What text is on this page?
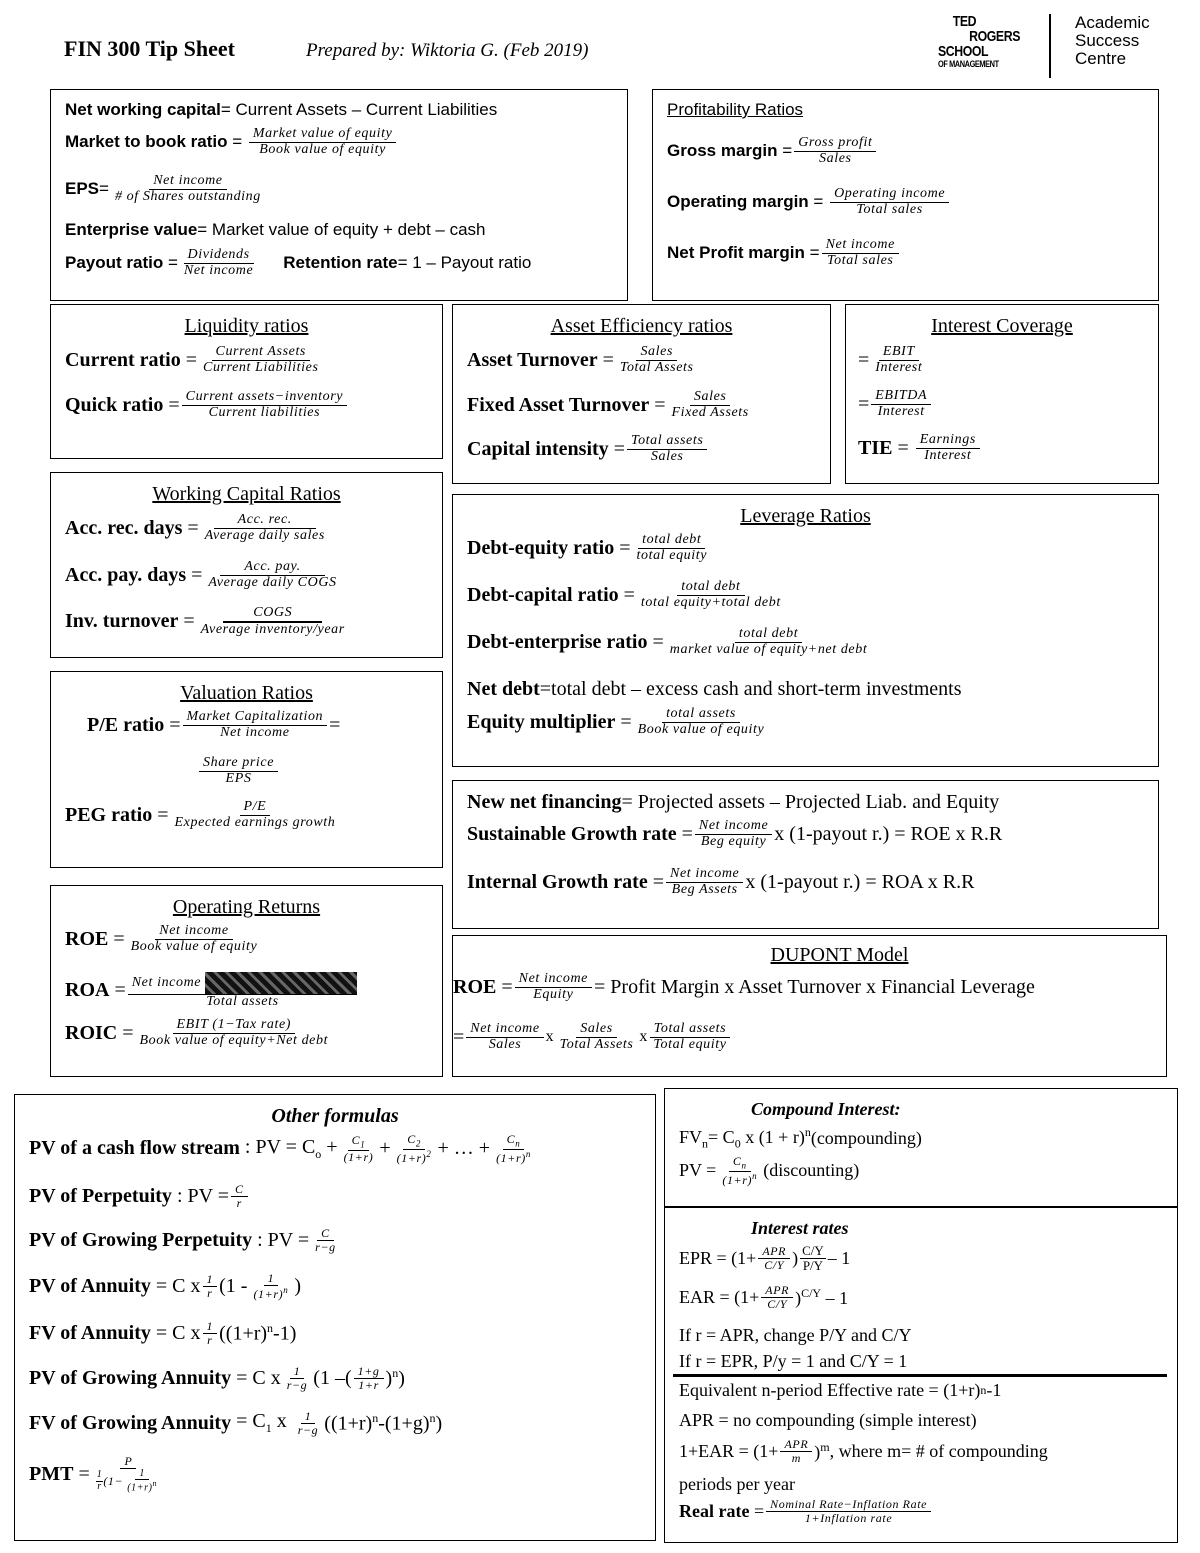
FIN 300 Tip Sheet	Prepared by: Wiktoria G. (Feb 2019)
TED
ROGERS
SCHOOL
OF MANAGEMENT
Academic
Success
Centre
Net working capital = Current Assets – Current Liabilities
Market to book ratio = $\frac{\text{Market value of equity}}{\text{Book value of equity}}$
EPS = $\frac{\text{Net income}}{\text{\# of Shares outstanding}}$
Enterprise value = Market value of equity + debt – cash
Payout ratio = $\frac{\text{Dividends}}{\text{Net income}}$ Retention rate = 1 – Payout ratio
Profitability Ratios
Gross margin = $\frac{\text{Gross profit}}{\text{Sales}}$
Operating margin = $\frac{\text{Operating income}}{\text{Total sales}}$
Net Profit margin = $\frac{\text{Net income}}{\text{Total sales}}$
Liquidity ratios
Current ratio = $\frac{\text{Current Assets}}{\text{Current Liabilities}}$
Quick ratio = $\frac{\text{Current assets−inventory}}{\text{Current liabilities}}$
Asset Efficiency ratios
Asset Turnover = $\frac{\text{Sales}}{\text{Total Assets}}$
Fixed Asset Turnover = $\frac{\text{Sales}}{\text{Fixed Assets}}$
Capital intensity = $\frac{\text{Total assets}}{\text{Sales}}$
Interest Coverage
= $\frac{\text{EBIT}}{\text{Interest}}$
= $\frac{\text{EBITDA}}{\text{Interest}}$
TIE = $\frac{\text{Earnings}}{\text{Interest}}$
Working Capital Ratios
Acc. rec. days = $\frac{\text{Acc. rec.}}{\text{Average daily sales}}$
Acc. pay. days = $\frac{\text{Acc. pay.}}{\text{Average daily COGS}}$
Inv. turnover = $\frac{\text{COGS}}{\text{Average inventory/year}}$
Leverage Ratios
Debt-equity ratio = $\frac{\text{total debt}}{\text{total equity}}$
Debt-capital ratio = $\frac{\text{total debt}}{\text{total equity+total debt}}$
Debt-enterprise ratio = $\frac{\text{total debt}}{\text{market value of equity+net debt}}$
Net debt =total debt – excess cash and short-term investments
Equity multiplier = $\frac{\text{total assets}}{\text{Book value of equity}}$
Valuation Ratios
P/E ratio = $\frac{\text{Market Capitalization}}{\text{Net income}}$ =
$\frac{\text{Share price}}{\text{EPS}}$
PEG ratio = $\frac{P/E}{\text{Expected earnings growth}}$	New net financing = Projected assets – Projected Liab. and Equity
Sustainable Growth rate = $\frac{\text{Net income}}{\text{Beg equity}}$ x (1-payout r.) = ROE x R.R
Internal Growth rate = $\frac{\text{Net income}}{\text{Beg Assets}}$ x (1-payout r.) = ROA x R.R
Operating Returns
ROE = $\frac{\text{Net income}}{\text{Book value of equity}}$
ROA = $\frac{\text{Net income}}{\text{Total assets}}$
ROIC = $\frac{\text{EBIT (1−Tax rate)}}{\text{Book value of equity+Net debt}}$
DUPONT Model
ROE = $\frac{\text{Net income}}{\text{Equity}}$ = Profit Margin x Asset Turnover x Financial Leverage
= $\frac{\text{Net income}}{\text{Sales}}$ x $\frac{\text{Sales}}{\text{Total Assets}}$ x $\frac{\text{Total assets}}{\text{Total equity}}$
Other formulas
PV of a cash flow stream : PV = $C_o + \frac{C_1}{(1+r)} + \frac{C_2}{(1+r)^2}$ + … + $\frac{C_n}{(1+r)^n}$
PV of Perpetuity : PV = $\frac{C}{r}$
PV of Growing Perpetuity : PV = $\frac{C}{r-g}$
PV of Annuity = C x $\frac{1}{r} (1 - \frac{1}{(1+r)^n}$ )
FV of Annuity = C x $\frac{1}{r} ((1+r)^n-1)$
PV of Growing Annuity = C x $\frac{1}{r-g} (1$ –( $\frac{1+g}{1+r} )^n$)
FV of Growing Annuity = $C_1$ x $\frac{1}{r-g} ((1+r)^n-(1+g)^n)$
PMT = $\frac{P}{\frac{1}{r} (1- \frac{1}{(1+r)^n}}$
Compound Interest:
$FV_n= C_0$ x $(1 + r)^n$ (compounding)
PV = $\frac{C_n}{(1+r)^n}$ (discounting)
Interest rates
EPR = ($1+ \frac{\text{APR}}{C/Y}$ ) $\frac{C/Y}{P/Y} - 1$
EAR = $(1+ \frac{\text{APR}}{C/Y} )^{C/Y} - 1$
If r = APR, change P/Y and C/Y
If r = EPR, P/y = 1 and C/Y = 1
Equivalent n-period Effective rate = (1+r) n -1
APR = no compounding (simple interest)
$1+EAR = (1+ \frac{\text{APR}}{m} )^m$ , where m= # of compounding
periods per year
Real rate = $\frac{\text{Nominal Rate−Inflation Rate}}{\text{1+Inflation rate}}$
